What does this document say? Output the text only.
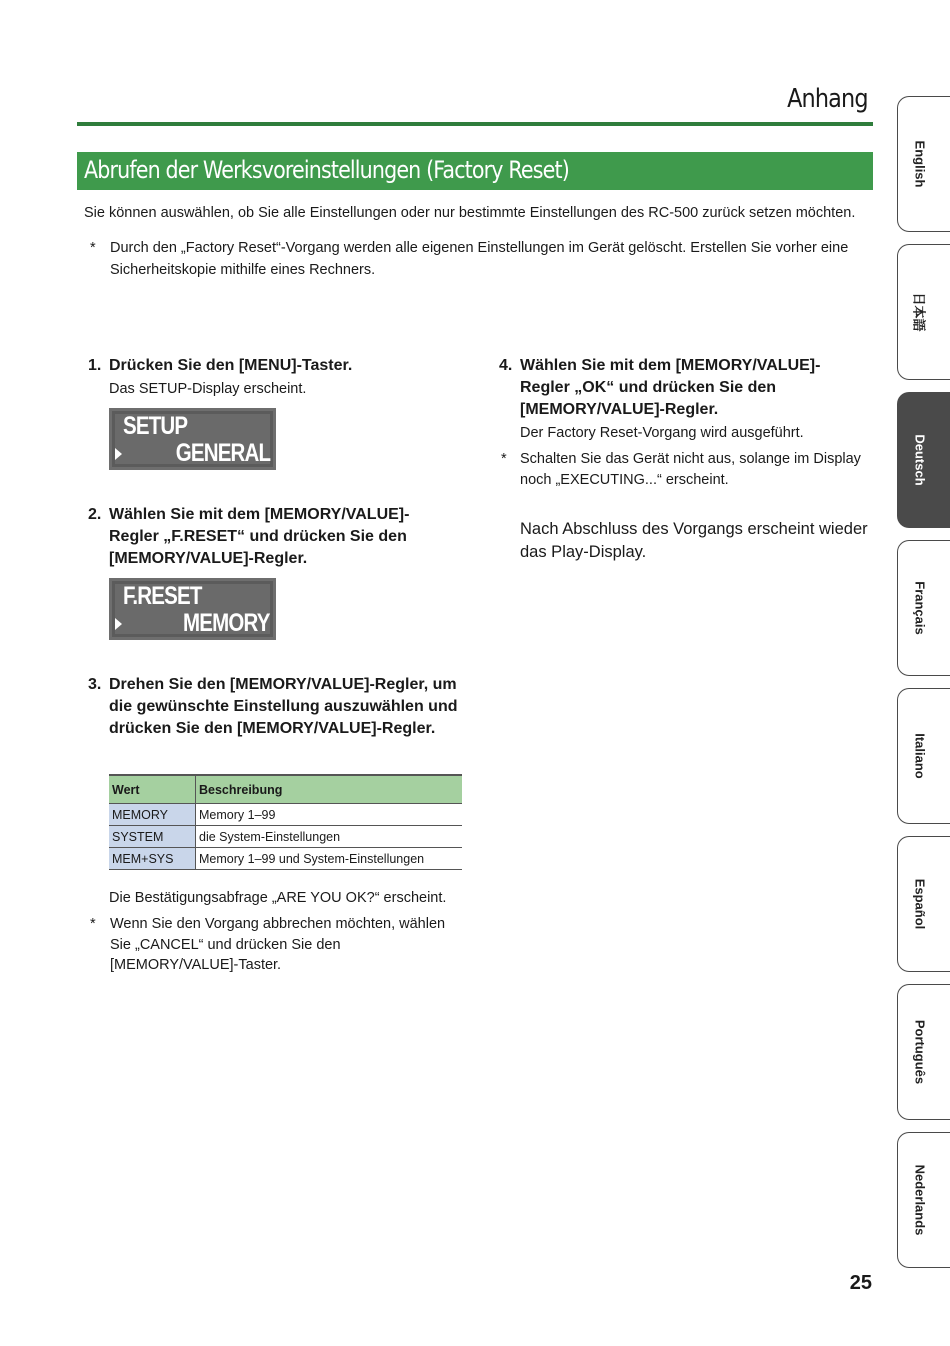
Anhang
Abrufen der Werksvoreinstellungen (Factory Reset)
Sie können auswählen, ob Sie alle Einstellungen oder nur bestimmte Einstellungen des RC-500 zurück setzen möchten.
* Durch den „Factory Reset“-Vorgang werden alle eigenen Einstellungen im Gerät gelöscht. Erstellen Sie vorher eine Sicherheitskopie mithilfe eines Rechners.
1. Drücken Sie den [MENU]-Taster.
Das SETUP-Display erscheint.
SETUP
GENERAL
2. Wählen Sie mit dem [MEMORY/VALUE]-Regler „F.RESET“ und drücken Sie den [MEMORY/VALUE]-Regler.
F.RESET
MEMORY
3. Drehen Sie den [MEMORY/VALUE]-Regler, um die gewünschte Einstellung auszuwählen und drücken Sie den [MEMORY/VALUE]-Regler.
Wert	Beschreibung
MEMORY	Memory 1–99
SYSTEM	die System-Einstellungen
MEM+SYS	Memory 1–99 und System-Einstellungen
Die Bestätigungsabfrage „ARE YOU OK?“ erscheint.
* Wenn Sie den Vorgang abbrechen möchten, wählen Sie „CANCEL“ und drücken Sie den [MEMORY/VALUE]-Taster.
4. Wählen Sie mit dem [MEMORY/VALUE]-Regler „OK“ und drücken Sie den [MEMORY/VALUE]-Regler.
Der Factory Reset-Vorgang wird ausgeführt.
* Schalten Sie das Gerät nicht aus, solange im Display noch „EXECUTING...“ erscheint.
Nach Abschluss des Vorgangs erscheint wieder das Play-Display.
English
日本語
Deutsch
Français
Italiano
Español
Português
Nederlands
25
